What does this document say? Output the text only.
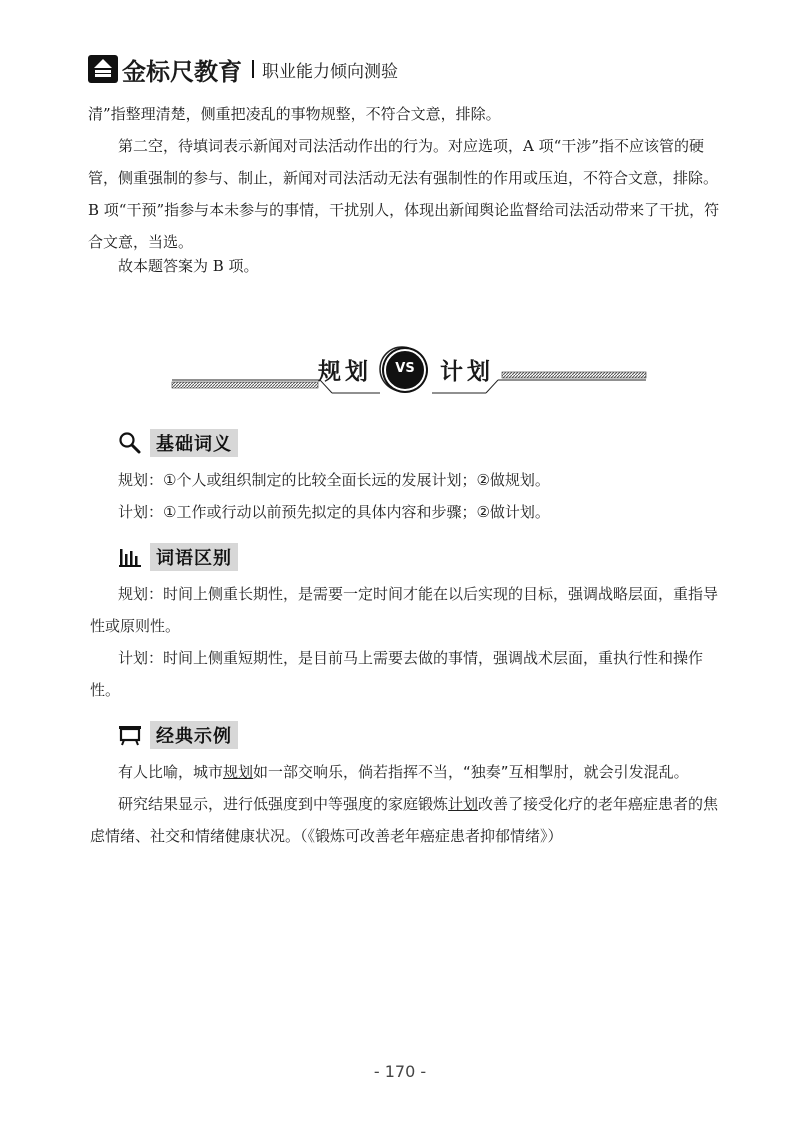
金标尺教育 职业能力倾向测验
清”指整理清楚，侧重把凌乱的事物规整，不符合文意，排除。
第二空，待填词表示新闻对司法活动作出的行为。对应选项，A 项“干涉”指不应该管的硬管，侧重强制的参与、制止，新闻对司法活动无法有强制性的作用或压迫，不符合文意，排除。B 项“干预”指参与本未参与的事情，干扰别人，体现出新闻舆论监督给司法活动带来了干扰，符合文意，当选。
故本题答案为 B 项。
规划	VS 计划
基础词义
规划：①个人或组织制定的比较全面长远的发展计划；②做规划。
计划：①工作或行动以前预先拟定的具体内容和步骤；②做计划。
词语区别
规划：时间上侧重长期性，是需要一定时间才能在以后实现的目标，强调战略层面，重指导性或原则性。
计划：时间上侧重短期性，是目前马上需要去做的事情，强调战术层面，重执行性和操作性。
经典示例
有人比喻，城市规划如一部交响乐，倘若指挥不当，“独奏”互相掣肘，就会引发混乱。
研究结果显示，进行低强度到中等强度的家庭锻炼计划改善了接受化疗的老年癌症患者的焦虑情绪、社交和情绪健康状况。（《锻炼可改善老年癌症患者抑郁情绪》）
- 170 -
